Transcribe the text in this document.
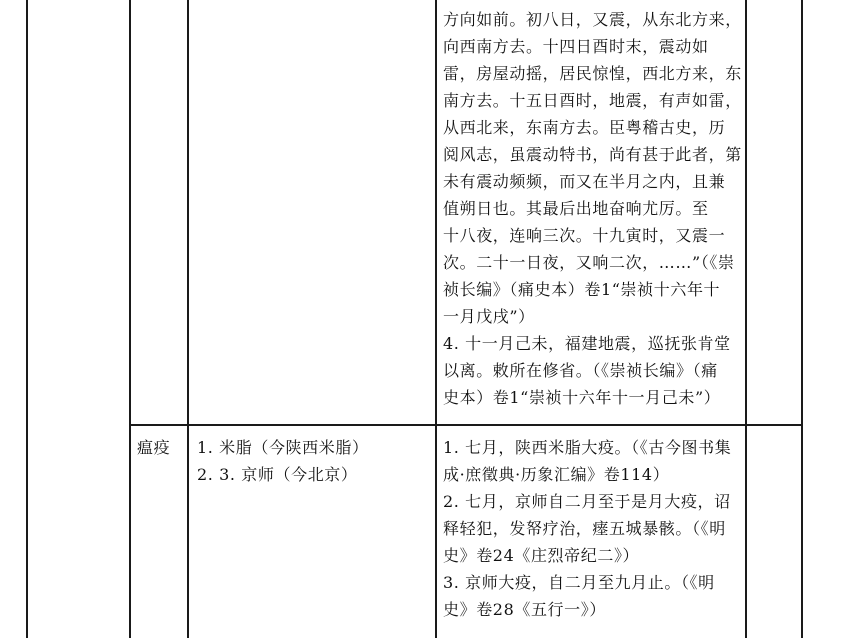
方向如前。初八日，又震，从东北方来，
向西南方去。十四日酉时末，震动如
雷，房屋动摇，居民惊惶，西北方来，东
南方去。十五日酉时，地震，有声如雷，
从西北来，东南方去。臣粤稽古史，历
阅风志，虽震动特书，尚有甚于此者，第
未有震动频频，而又在半月之内，且兼
值朔日也。其最后出地奋响尤厉。至
十八夜，连响三次。十九寅时，又震一
次。二十一日夜，又响二次，……”（《崇
祯长编》（痛史本）卷1“崇祯十六年十
一月戊戌”）
4. 十一月己未，福建地震，巡抚张肯堂
以离。敕所在修省。（《崇祯长编》（痛
史本）卷1“崇祯十六年十一月己未”）
瘟疫 1. 米脂（今陕西米脂）
2. 3. 京师（今北京）
1. 七月，陕西米脂大疫。（《古今图书集
成·庶徵典·历象汇编》卷114）
2. 七月，京师自二月至于是月大疫，诏
释轻犯，发帑疗治，瘗五城暴骸。（《明
史》卷24《庄烈帝纪二》）
3. 京师大疫，自二月至九月止。（《明
史》卷28《五行一》）
